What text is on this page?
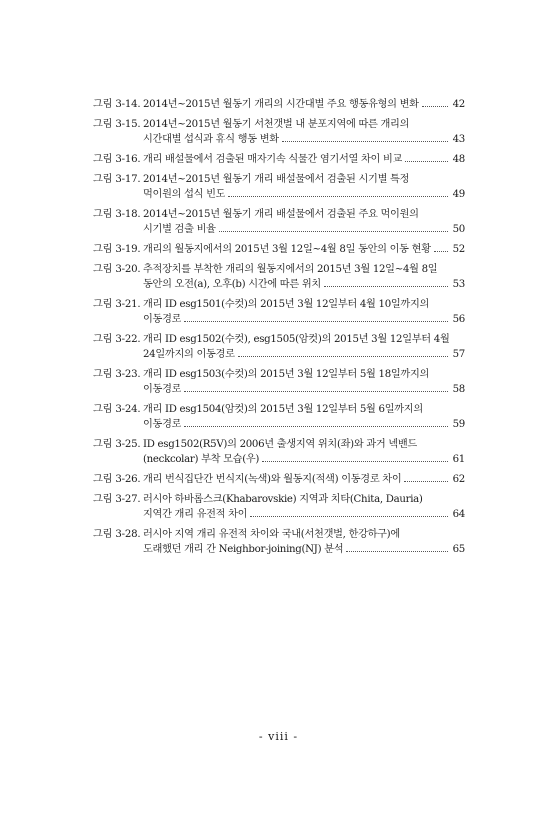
그림 3-14. 2014년~2015년 월동기 개리의 시간대별 주요 행동유형의 변화	42
그림 3-15. 2014년~2015년 월동기 서천갯벌 내 분포지역에 따른 개리의
시간대별 섭식과 휴식 행동 변화	43
그림 3-16. 개리 배설물에서 검출된 매자기속 식물간 염기서열 차이 비교	48
그림 3-17. 2014년~2015년 월동기 개리 배설물에서 검출된 시기별 특정
먹이원의 섭식 빈도	49
그림 3-18. 2014년~2015년 월동기 개리 배설물에서 검출된 주요 먹이원의
시기별 검출 비율	50
그림 3-19. 개리의 월동지에서의 2015년 3월 12일~4월 8일 동안의 이동 현황 52
그림 3-20. 추적장치를 부착한 개리의 월동지에서의 2015년 3월 12일~4월 8일
동안의 오전(a), 오후(b) 시간에 따른 위치	53
그림 3-21. 개리 ID esg1501(수컷)의 2015년 3월 12일부터 4월 10일까지의
이동경로	56
그림 3-22. 개리 ID esg1502(수컷), esg1505(암컷)의 2015년 3월 12일부터 4월
24일까지의 이동경로	57
그림 3-23. 개리 ID esg1503(수컷)의 2015년 3월 12일부터 5월 18일까지의
이동경로	58
그림 3-24. 개리 ID esg1504(암컷)의 2015년 3월 12일부터 5월 6일까지의
이동경로	59
그림 3-25. ID esg1502(R5V)의 2006년 출생지역 위치(좌)와 과거 넥밴드
(neckcolar) 부착 모습(우)	61
그림 3-26. 개리 번식집단간 번식지(녹색)와 월동지(적색) 이동경로 차이	62
그림 3-27. 러시아 하바롭스크(Khabarovskie) 지역과 치타(Chita, Dauria)
지역간 개리 유전적 차이	64
그림 3-28. 러시아 지역 개리 유전적 차이와 국내(서천갯벌, 한강하구)에
도래했던 개리 간 Neighbor-joining(NJ) 분석	65
- viii -
